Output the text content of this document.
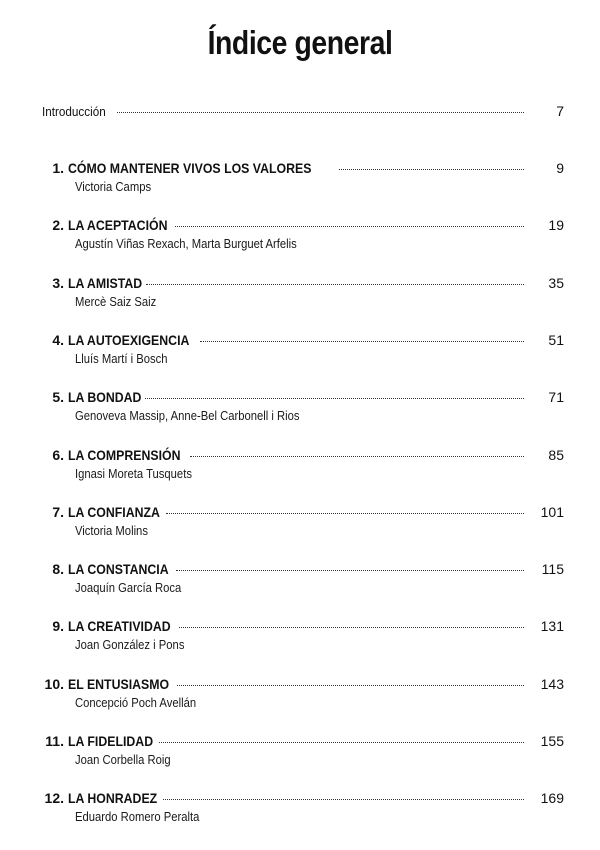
Índice general
Introducción	7
1. CÓMO MANTENER VIVOS LOS VALORES	9
Victoria Camps
2. LA ACEPTACIÓN	19
Agustín Viñas Rexach, Marta Burguet Arfelis
3. LA AMISTAD	35
Mercè Saiz Saiz
4. LA AUTOEXIGENCIA	51
Lluís Martí i Bosch
5. LA BONDAD	71
Genoveva Massip, Anne-Bel Carbonell i Rios
6. LA COMPRENSIÓN	85
Ignasi Moreta Tusquets
7. LA CONFIANZA	101
Victoria Molins
8. LA CONSTANCIA	115
Joaquín García Roca
9. LA CREATIVIDAD	131
Joan González i Pons
10. EL ENTUSIASMO	143
Concepció Poch Avellán
11. LA FIDELIDAD	155
Joan Corbella Roig
12. LA HONRADEZ	169
Eduardo Romero Peralta
